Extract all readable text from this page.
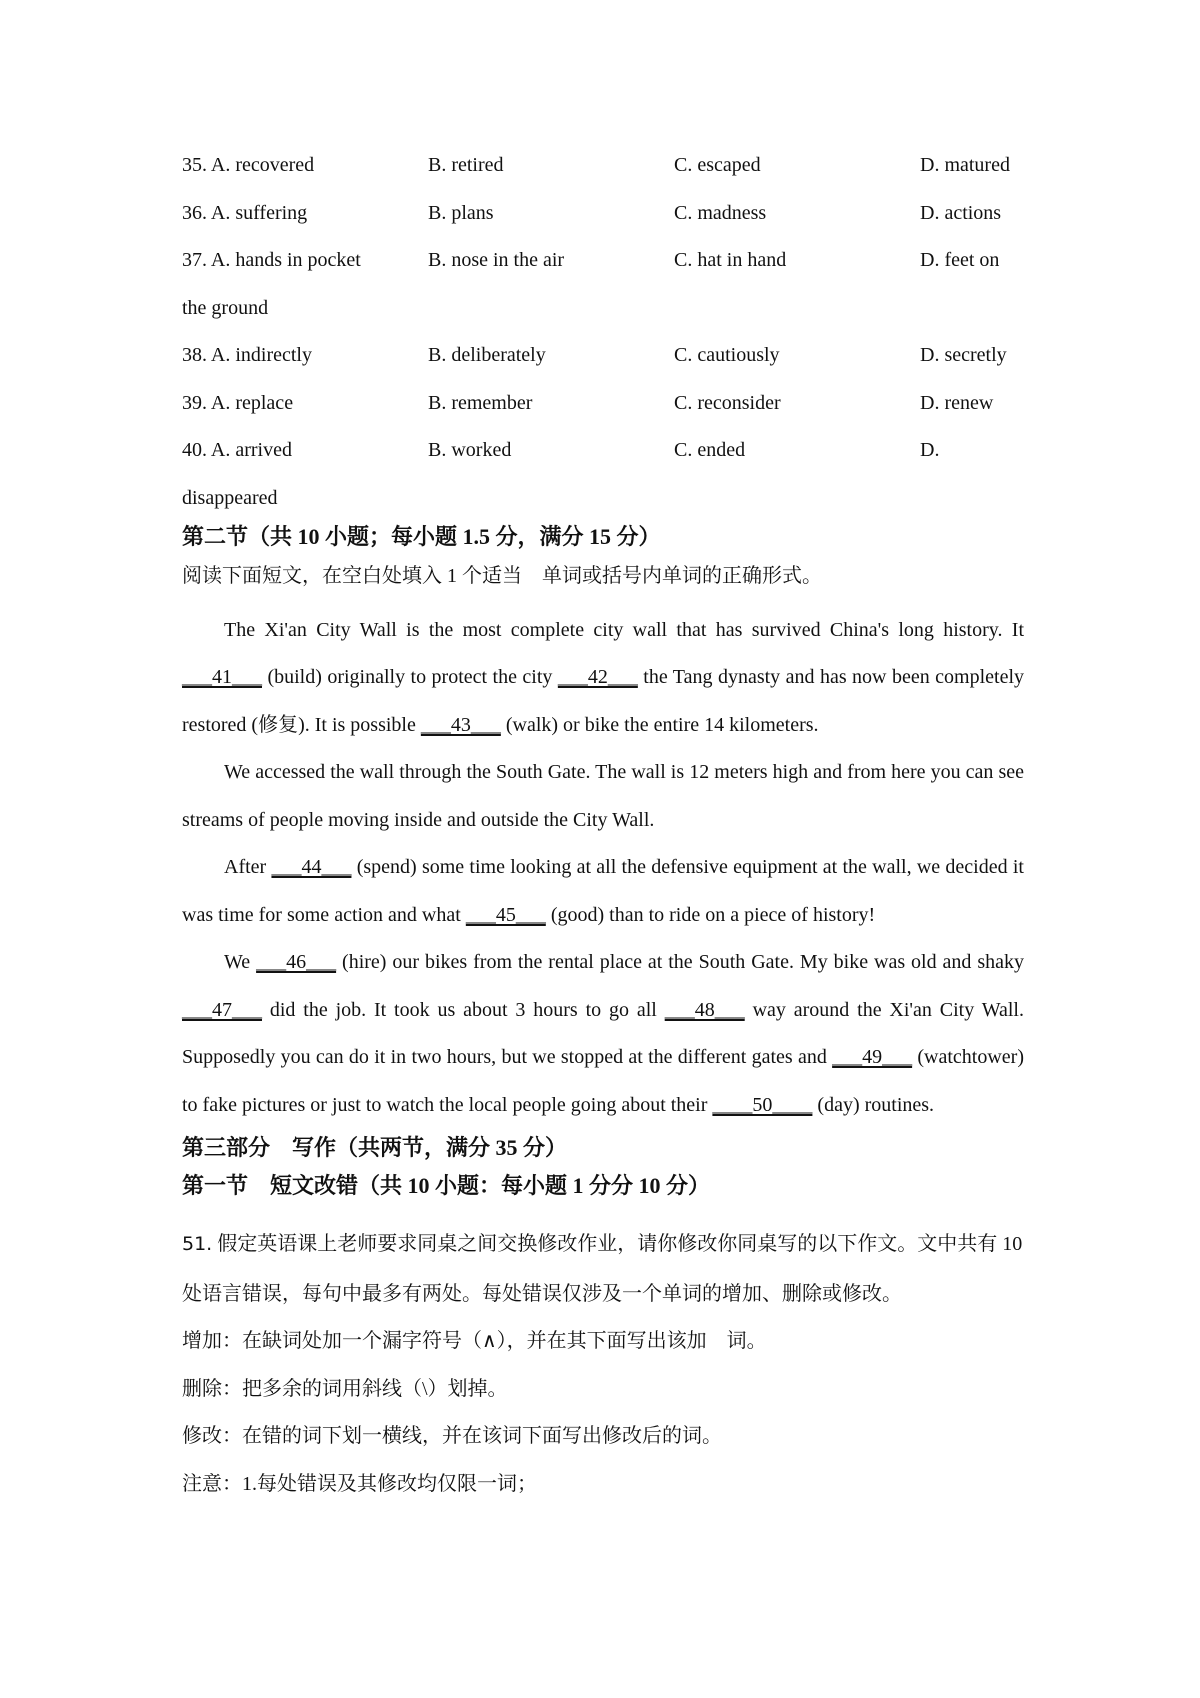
35. A. recovered	B. retired	C. escaped	D. matured
36. A. suffering	B. plans	C. madness	D. actions
37. A. hands in pocket	B. nose in the air	C. hat in hand	D. feet on
the ground
38. A. indirectly	B. deliberately	C. cautiously	D. secretly
39. A. replace	B. remember	C. reconsider	D. renew
40. A. arrived	B. worked	C. ended	D.
disappeared
第二节（共 10 小题；每小题 1.5 分，满分 15 分）
阅读下面短文，在空白处填入 1 个适当　单词或括号内单词的正确形式。

The Xi'an City Wall is the most complete city wall that has survived China's long history. It ___41___ (build) originally to protect the city ___42___ the Tang dynasty and has now been completely restored (修复). It is possible ___43___ (walk) or bike the entire 14 kilometers.

We accessed the wall through the South Gate. The wall is 12 meters high and from here you can see streams of people moving inside and outside the City Wall.

After ___44___ (spend) some time looking at all the defensive equipment at the wall, we decided it was time for some action and what ___45___ (good) than to ride on a piece of history!

We ___46___ (hire) our bikes from the rental place at the South Gate. My bike was old and shaky ___47___ did the job. It took us about 3 hours to go all ___48___ way around the Xi'an City Wall. Supposedly you can do it in two hours, but we stopped at the different gates and ___49___ (watchtower) to fake pictures or just to watch the local people going about their ____50____ (day) routines.

第三部分　写作（共两节，满分 35 分）
第一节　短文改错（共 10 小题：每小题 1 分分 10 分）

51. 假定英语课上老师要求同桌之间交换修改作业，请你修改你同桌写的以下作文。文中共有 10 处语言错误，每句中最多有两处。每处错误仅涉及一个单词的增加、删除或修改。

增加：在缺词处加一个漏字符号（∧），并在其下面写出该加　词。
删除：把多余的词用斜线（\）划掉。
修改：在错的词下划一横线，并在该词下面写出修改后的词。
注意：1.每处错误及其修改均仅限一词；
